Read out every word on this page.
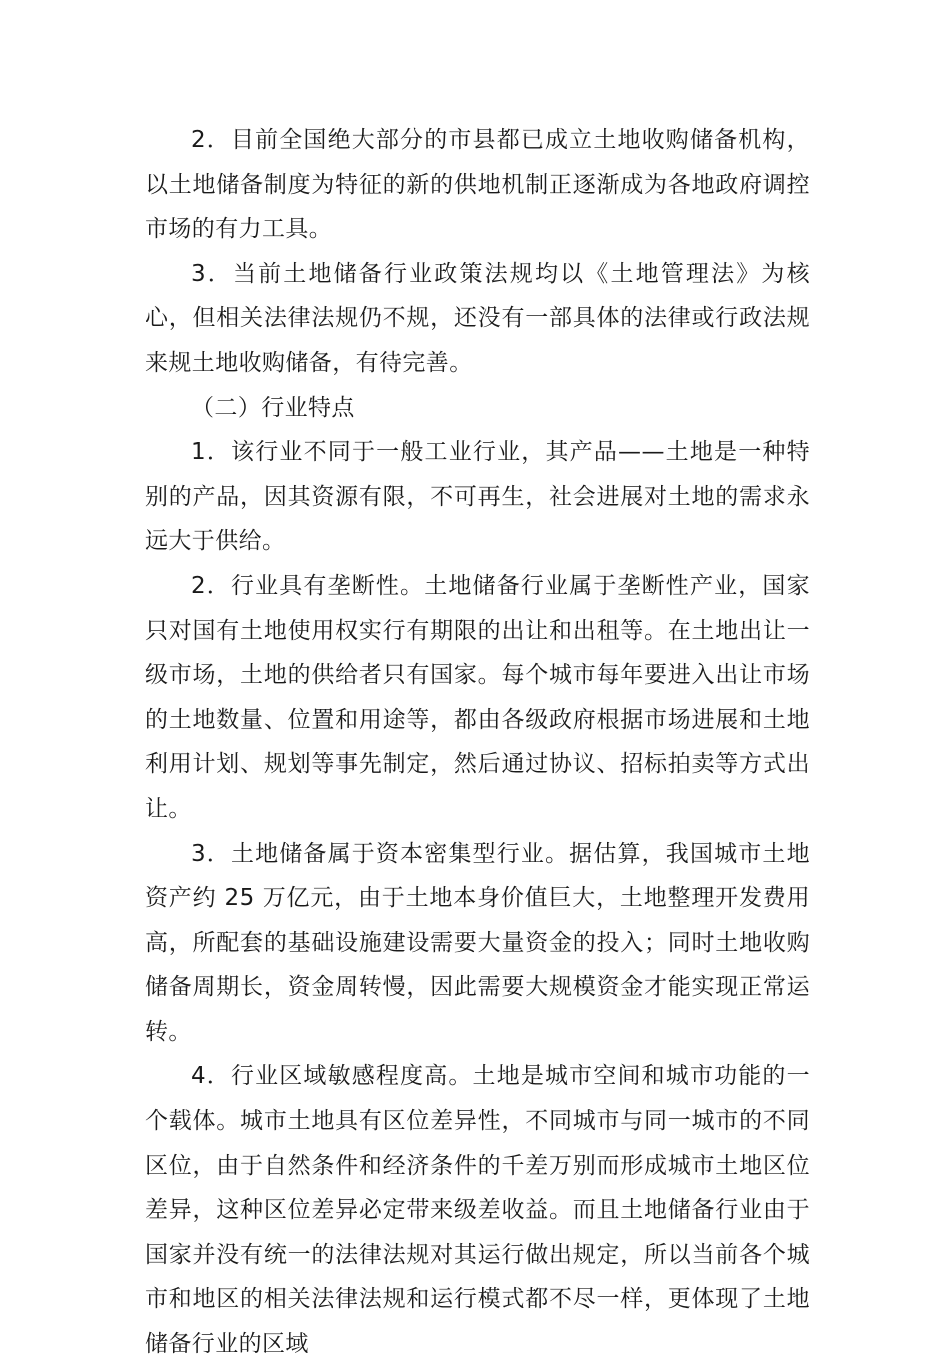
2．目前全国绝大部分的市县都已成立土地收购储备机构，以土地储备制度为特征的新的供地机制正逐渐成为各地政府调控市场的有力工具。

3．当前土地储备行业政策法规均以《土地管理法》为核心，但相关法律法规仍不规，还没有一部具体的法律或行政法规来规土地收购储备，有待完善。

（二）行业特点

1．该行业不同于一般工业行业，其产品——土地是一种特别的产品，因其资源有限，不可再生，社会进展对土地的需求永远大于供给。

2．行业具有垄断性。土地储备行业属于垄断性产业，国家只对国有土地使用权实行有期限的出让和出租等。在土地出让一级市场，土地的供给者只有国家。每个城市每年要进入出让市场的土地数量、位置和用途等，都由各级政府根据市场进展和土地利用计划、规划等事先制定，然后通过协议、招标拍卖等方式出让。

3．土地储备属于资本密集型行业。据估算，我国城市土地资产约 25 万亿元，由于土地本身价值巨大，土地整理开发费用高，所配套的基础设施建设需要大量资金的投入；同时土地收购储备周期长，资金周转慢，因此需要大规模资金才能实现正常运转。

4．行业区域敏感程度高。土地是城市空间和城市功能的一个载体。城市土地具有区位差异性，不同城市与同一城市的不同区位，由于自然条件和经济条件的千差万别而形成城市土地区位差异，这种区位差异必定带来级差收益。而且土地储备行业由于国家并没有统一的法律法规对其运行做出规定，所以当前各个城市和地区的相关法律法规和运行模式都不尽一样，更体现了土地储备行业的区域
